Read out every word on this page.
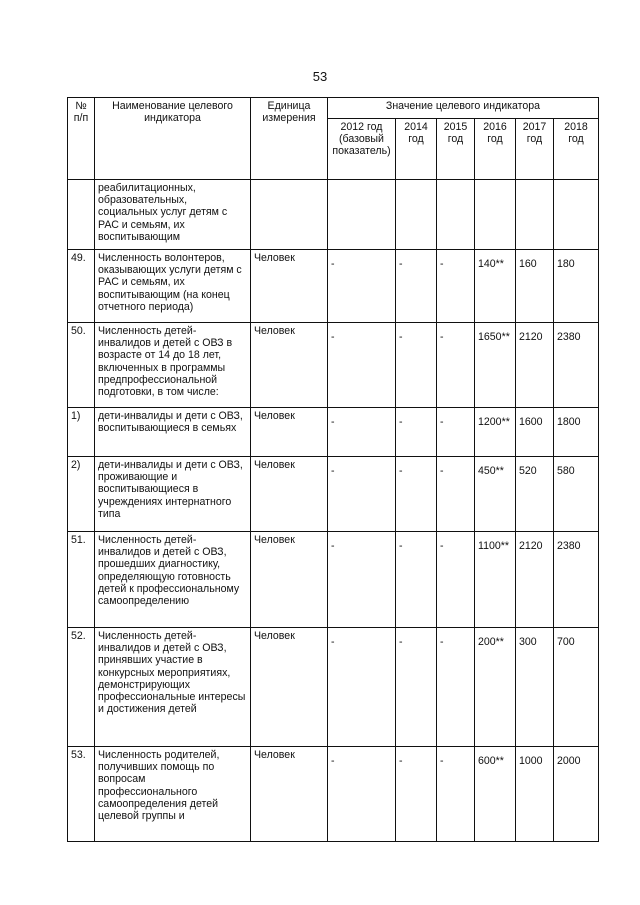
53
№ п/п	Наименование целевого индикатора	Единица измерения	Значение целевого индикатора					
			2012 год (базовый показатель)	2014 год	2015 год	2016 год	2017 год	2018 год
	реабилитационных, образовательных, социальных услуг детям с РАС и семьям, их воспитывающим							
49.	Численность волонтеров, оказывающих услуги детям с РАС и семьям, их воспитывающим (на конец отчетного периода)	Человек	-	-	-	140**	160	180
50.	Численность детей-инвалидов и детей с ОВЗ в возрасте от 14 до 18 лет, включенных в программы предпрофессиональной подготовки, в том числе:	Человек	-	-	-	1650**	2120	2380
1)	дети-инвалиды и дети с ОВЗ, воспитывающиеся в семьях	Человек	-	-	-	1200**	1600	1800
2)	дети-инвалиды и дети с ОВЗ, проживающие и воспитывающиеся в учреждениях интернатного типа	Человек	-	-	-	450**	520	580
51.	Численность детей-инвалидов и детей с ОВЗ, прошедших диагностику, определяющую готовность детей к профессиональному самоопределению	Человек	-	-	-	1100**	2120	2380
52.	Численность детей-инвалидов и детей с ОВЗ, принявших участие в конкурсных мероприятиях, демонстрирующих профессиональные интересы и достижения детей	Человек	-	-	-	200**	300	700
53.	Численность родителей, получивших помощь по вопросам профессионального самоопределения детей целевой группы и	Человек	-	-	-	600**	1000	2000
